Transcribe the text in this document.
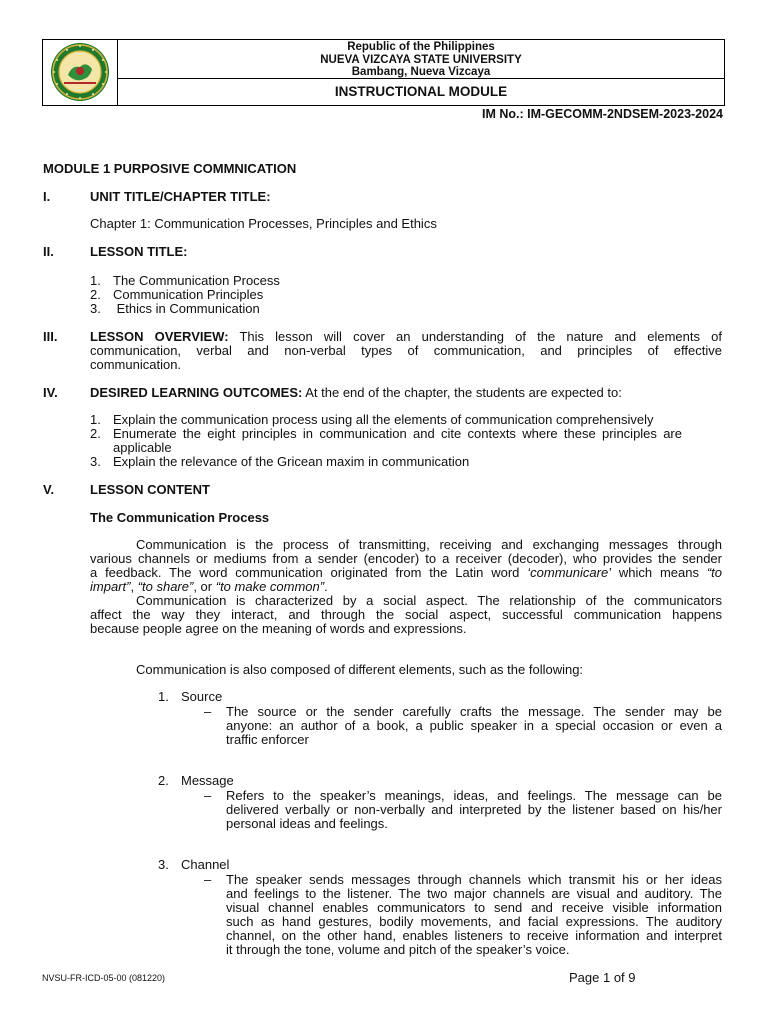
Republic of the Philippines
NUEVA VIZCAYA STATE UNIVERSITY
Bambang, Nueva Vizcaya
INSTRUCTIONAL MODULE
IM No.: IM-GECOMM-2NDSEM-2023-2024
MODULE 1 PURPOSIVE COMMNICATION
I.	UNIT TITLE/CHAPTER TITLE:
Chapter 1: Communication Processes, Principles and Ethics
II.	LESSON TITLE:
1. The Communication Process
2. Communication Principles
3. Ethics in Communication
III.	LESSON OVERVIEW: This lesson will cover an understanding of the nature and elements of
communication, verbal and non-verbal types of communication, and principles of effective
communication.
IV. DESIRED LEARNING OUTCOMES: At the end of the chapter, the students are expected to:
1. Explain the communication process using all the elements of communication comprehensively
2. Enumerate the eight principles in communication and cite contexts where these principles are
applicable
3. Explain the relevance of the Gricean maxim in communication
V.	LESSON CONTENT
The Communication Process
Communication is the process of transmitting, receiving and exchanging messages through
various channels or mediums from a sender (encoder) to a receiver (decoder), who provides the sender
a feedback. The word communication originated from the Latin word ‘communicare’ which means “to
impart”, “to share”, or “to make common”.
Communication is characterized by a social aspect. The relationship of the communicators
affect the way they interact, and through the social aspect, successful communication happens
because people agree on the meaning of words and expressions.
Communication is also composed of different elements, such as the following:
1. Source
– The source or the sender carefully crafts the message. The sender may be
anyone: an author of a book, a public speaker in a special occasion or even a
traffic enforcer
2. Message
– Refers to the speaker’s meanings, ideas, and feelings. The message can be
delivered verbally or non-verbally and interpreted by the listener based on his/her
personal ideas and feelings.
3. Channel
– The speaker sends messages through channels which transmit his or her ideas
and feelings to the listener. The two major channels are visual and auditory. The
visual channel enables communicators to send and receive visible information
such as hand gestures, bodily movements, and facial expressions. The auditory
channel, on the other hand, enables listeners to receive information and interpret
it through the tone, volume and pitch of the speaker’s voice.
NVSU-FR-ICD-05-00 (081220)	Page 1 of 9
